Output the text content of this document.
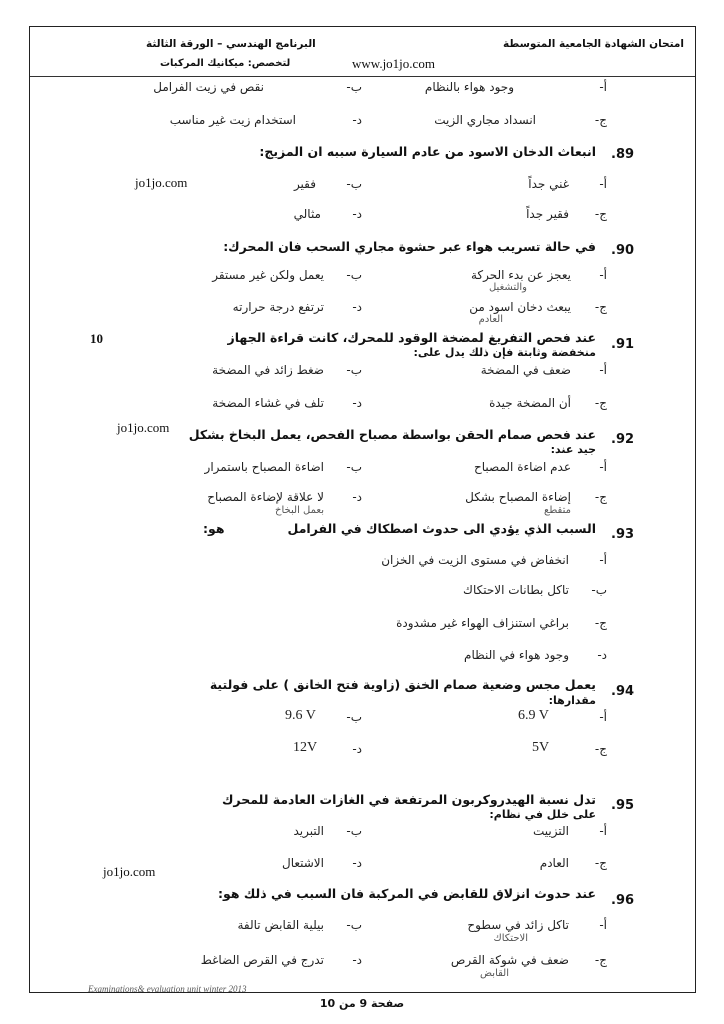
امتحان الشهادة الجامعية المتوسطة
البرنامج الهندسي – الورقة الثالثة
لتخصص: ميكانيك المركبات	www.jo1jo.com
أ-
وجود هواء بالنظام
ب-
نقص في زيت الفرامل
ج-
انسداد مجاري الزيت
د-
استخدام زيت غير مناسب
.89
انبعاث الدخان الاسود من عادم السيارة سببه ان المزيج:
أ-
غني جداً
ب-
فقير
ج-
فقير جداً
د-
مثالي
jo1jo.com
.90
في حالة تسريب هواء عبر حشوة مجاري السحب فان المحرك:
أ-
يعجز عن بدء الحركة
والتشغيل
ب-
يعمل ولكن غير مستقر
ج-
يبعث دخان اسود من
العادم
د-
ترتفع درجة حرارته
10	.91
عند فحص التفريغ لمضخة الوقود للمحرك، كانت قراءة الجهاز
منخفضة وثابتة فإن ذلك يدل على:
أ-
ضعف في المضخة
ب-
ضغط زائد في المضخة
ج-
أن المضخة جيدة
د-
تلف في غشاء المضخة
jo1jo.com
.92
عند فحص صمام الحقن بواسطة مصباح الفحص، يعمل البخاخ بشكل
جيد عند:
أ-
عدم اضاءة المصباح
ب-
اضاءة المصباح باستمرار
ج-
إضاءة المصباح بشكل
متقطع
د-
لا علاقة لإضاءة المصباح
بعمل البخاخ
.93
السبب الذي يؤدي الى حدوث اصطكاك في الفرامل
هو:
أ-
انخفاض في مستوى الزيت في الخزان
ب-
تاكل بطانات الاحتكاك
ج-
براغي استنزاف الهواء غير مشدودة
د-
وجود هواء في النظام
.94
يعمل مجس وضعية صمام الخنق (زاوية فتح الخانق ) على فولتية
مقدارها:
أ-
6.9 V
ب-
9.6 V
ج-
5V
د-
12V
.95
تدل نسبة الهيدروكربون المرتفعة في الغازات العادمة للمحرك
على خلل في نظام:
أ-
التزييت
ب-
التبريد
ج-
العادم
د-
الاشتعال
jo1jo.com
.96
عند حدوث انزلاق للقابض في المركبة فان السبب في ذلك هو:
أ-
تاكل زائد في سطوح
الاحتكاك
ج-
ضعف في شوكة القرص
القابض
ب-
بيلية القابض تالفة
د-
تدرج في القرص الضاغط
Examinations& evaluation unit winter 2013
صفحة 9 من 10
